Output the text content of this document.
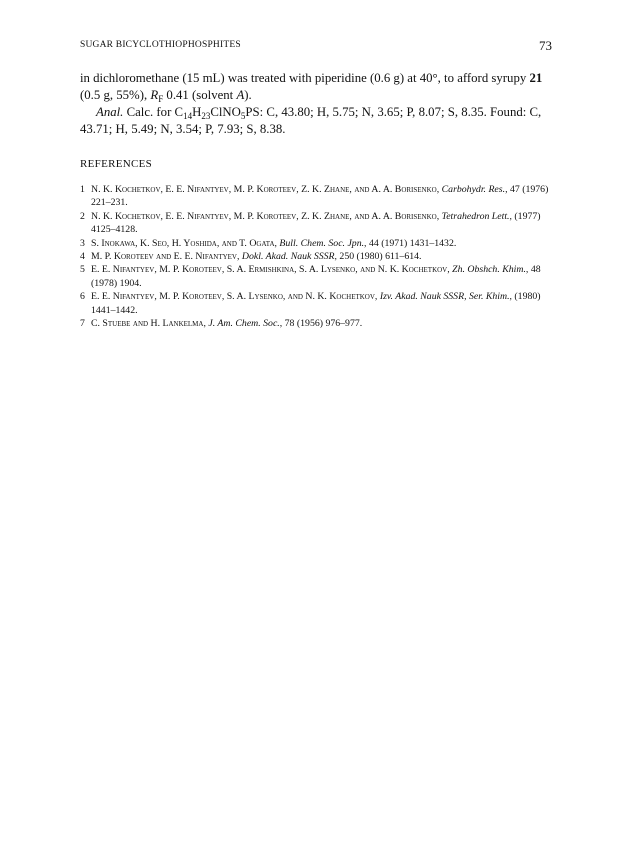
SUGAR BICYCLOTHIOPHOSPHITES	73

in dichloromethane (15 mL) was treated with piperidine (0.6 g) at 40°, to afford syrupy 21 (0.5 g, 55%), $R_F$ 0.41 (solvent A).

Anal. Calc. for $C_{14}H_{23}ClNO_5PS$: C, 43.80; H, 5.75; N, 3.65; P, 8.07; S, 8.35. Found: C, 43.71; H, 5.49; N, 3.54; P, 7.93; S, 8.38.

REFERENCES
1 N. K. Kochetkov, E. E. Nifantyev, M. P. Koroteev, Z. K. Zhane, and A. A. Borisenko, Carbohydr. Res., 47 (1976) 221–231.
2 N. K. Kochetkov, E. E. Nifantyev, M. P. Koroteev, Z. K. Zhane, and A. A. Borisenko, Tetrahedron Lett., (1977) 4125–4128.
3 S. Inokawa, K. Seo, H. Yoshida, and T. Ogata, Bull. Chem. Soc. Jpn., 44 (1971) 1431–1432.
4 M. P. Koroteev and E. E. Nifantyev, Dokl. Akad. Nauk SSSR, 250 (1980) 611–614.
5 E. E. Nifantyev, M. P. Koroteev, S. A. Ermishkina, S. A. Lysenko, and N. K. Kochetkov, Zh. Obshch. Khim., 48 (1978) 1904.
6 E. E. Nifantyev, M. P. Koroteev, S. A. Lysenko, and N. K. Kochetkov, Izv. Akad. Nauk SSSR, Ser. Khim., (1980) 1441–1442.
7 C. Stuebe and H. Lankelma, J. Am. Chem. Soc., 78 (1956) 976–977.
